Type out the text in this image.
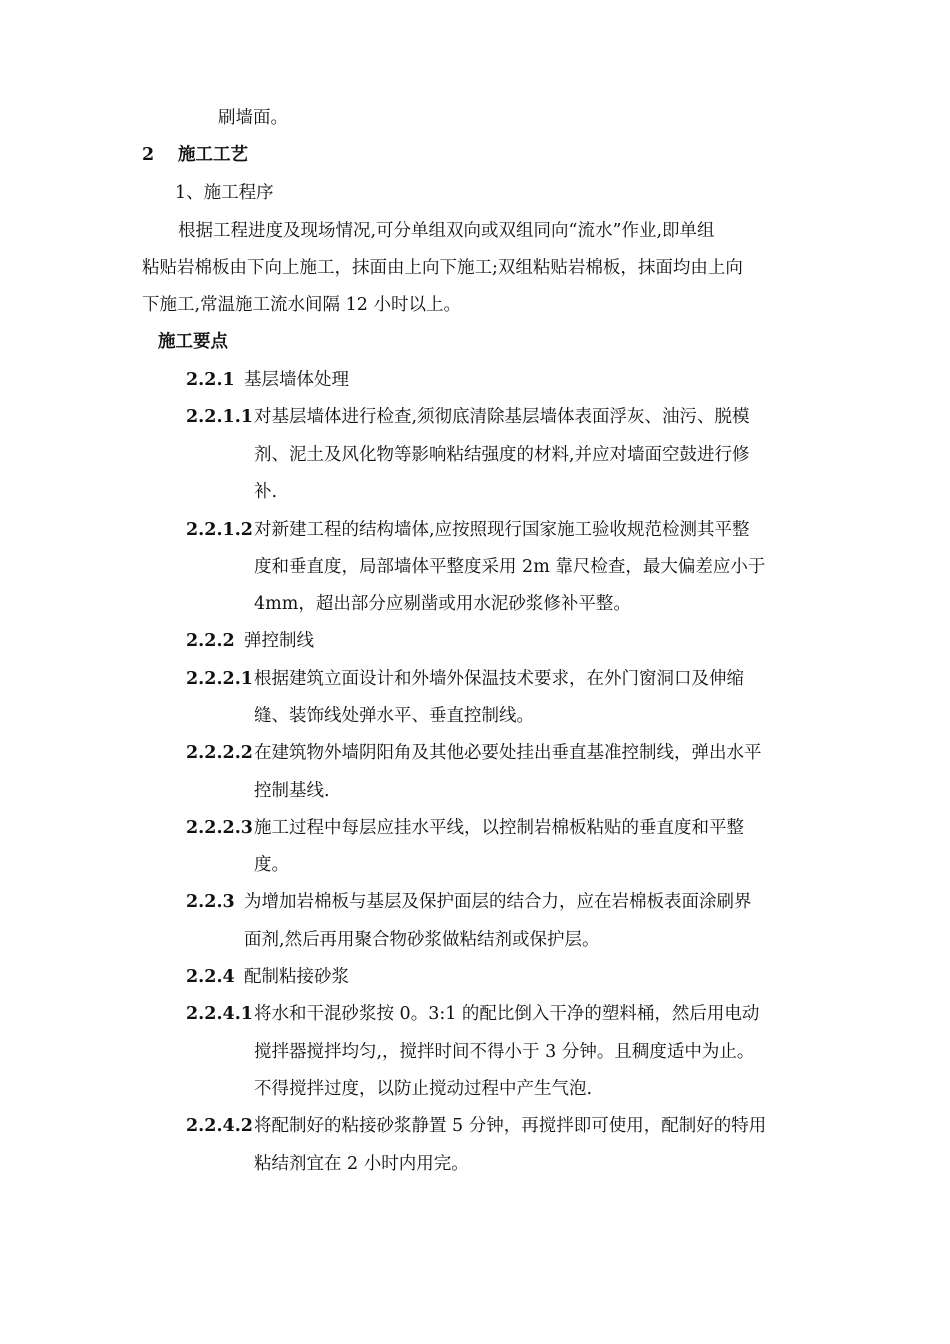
刷墙面。
2 施工工艺
1、施工程序
根据工程进度及现场情况,可分单组双向或双组同向“流水”作业,即单组
粘贴岩棉板由下向上施工，抹面由上向下施工;双组粘贴岩棉板，抹面均由上向
下施工,常温施工流水间隔 12 小时以上。
施工要点
2.2.1 基层墙体处理
2.2.1.1 对基层墙体进行检查,须彻底清除基层墙体表面浮灰、油污、脱模
剂、泥土及风化物等影响粘结强度的材料,并应对墙面空鼓进行修
补.
2.2.1.2 对新建工程的结构墙体,应按照现行国家施工验收规范检测其平整
度和垂直度，局部墙体平整度采用 2m 靠尺检查，最大偏差应小于
4mm，超出部分应剔凿或用水泥砂浆修补平整。
2.2.2 弹控制线
2.2.2.1 根据建筑立面设计和外墙外保温技术要求，在外门窗洞口及伸缩
缝、装饰线处弹水平、垂直控制线。
2.2.2.2 在建筑物外墙阴阳角及其他必要处挂出垂直基准控制线，弹出水平
控制基线.
2.2.2.3 施工过程中每层应挂水平线，以控制岩棉板粘贴的垂直度和平整
度。
2.2.3 为增加岩棉板与基层及保护面层的结合力，应在岩棉板表面涂刷界
面剂,然后再用聚合物砂浆做粘结剂或保护层。
2.2.4 配制粘接砂浆
2.2.4.1 将水和干混砂浆按 0。3:1 的配比倒入干净的塑料桶，然后用电动
搅拌器搅拌均匀,，搅拌时间不得小于 3 分钟。且稠度适中为止。
不得搅拌过度，以防止搅动过程中产生气泡.
2.2.4.2 将配制好的粘接砂浆静置 5 分钟，再搅拌即可使用，配制好的特用
粘结剂宜在 2 小时内用完。
